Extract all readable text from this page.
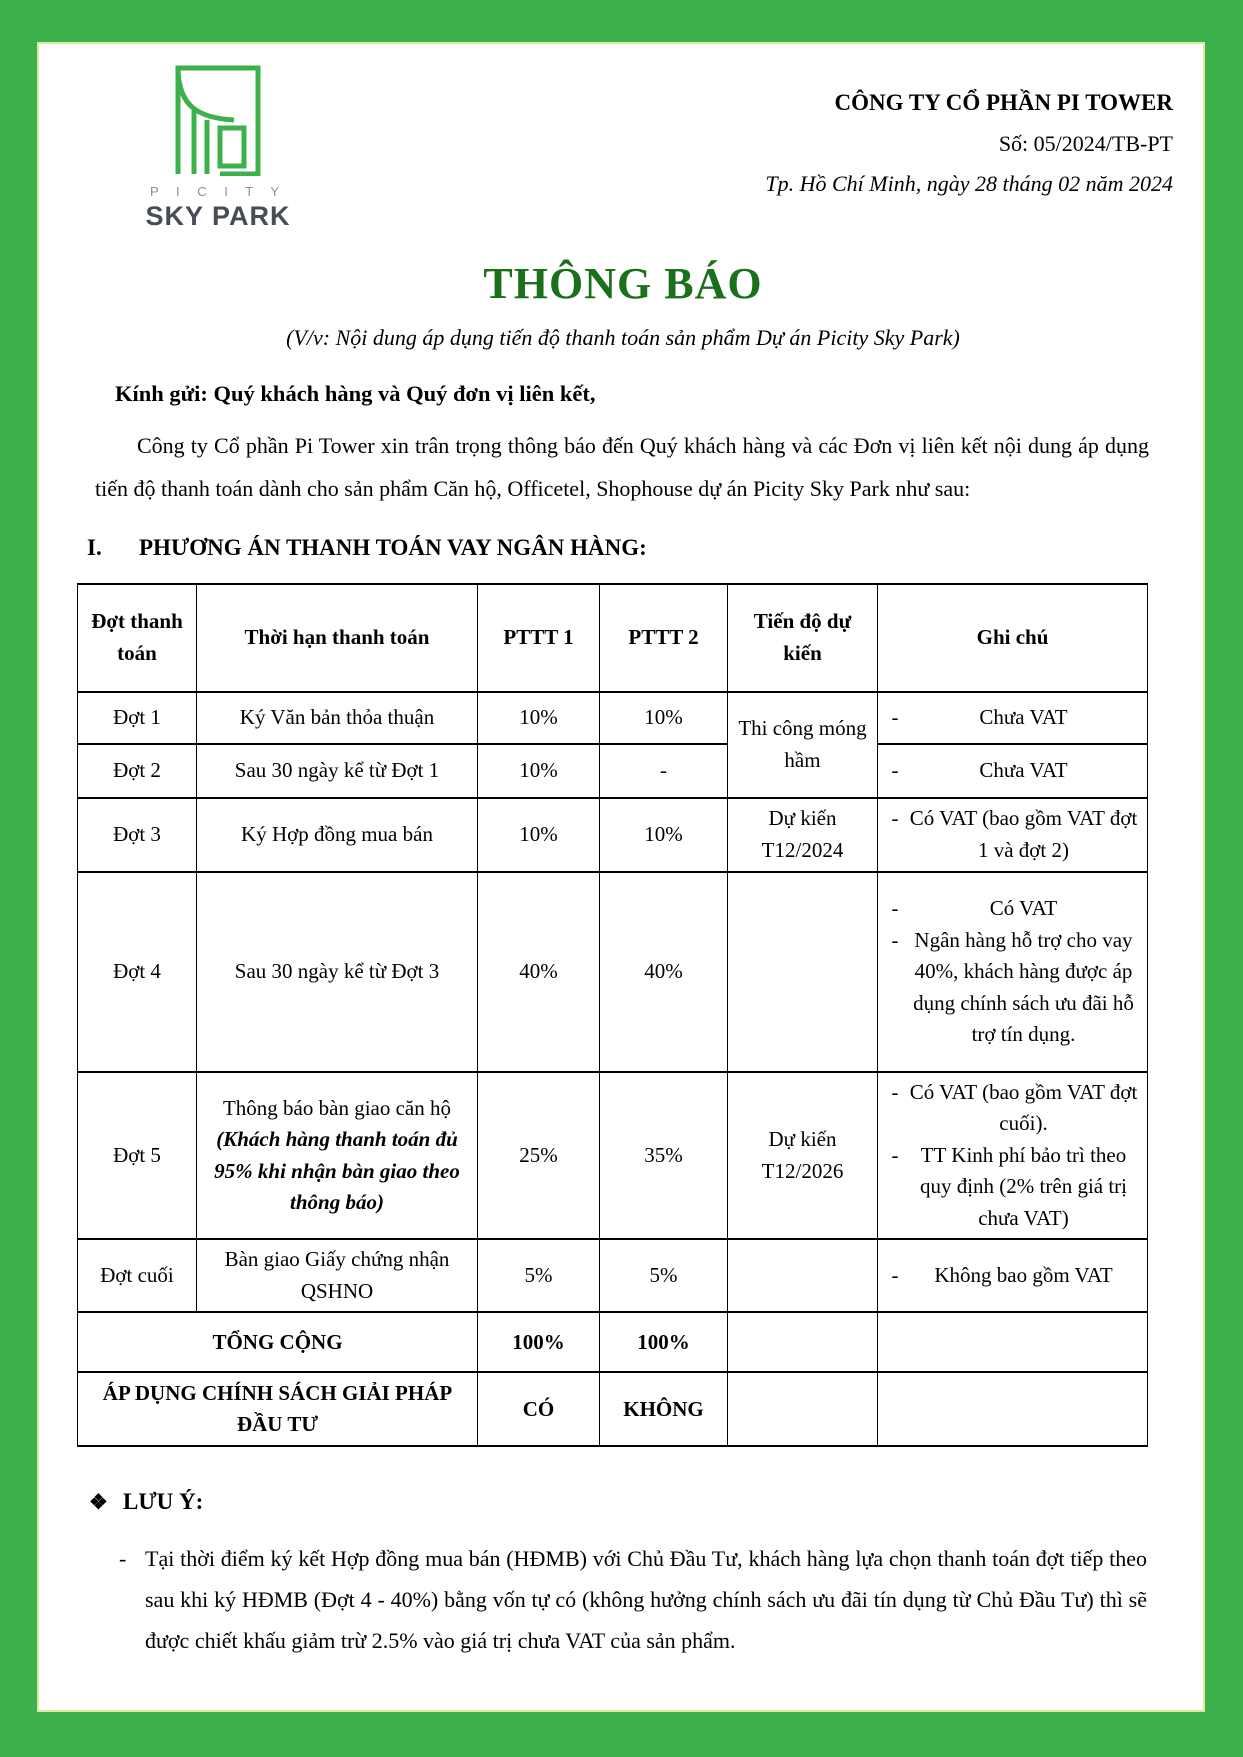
P I C I T Y
SKY PARK
CÔNG TY CỔ PHẦN PI TOWER
Số: 05/2024/TB-PT
Tp. Hồ Chí Minh, ngày 28 tháng 02 năm 2024
THÔNG BÁO
(V/v: Nội dung áp dụng tiến độ thanh toán sản phẩm Dự án Picity Sky Park)

Kính gửi: Quý khách hàng và Quý đơn vị liên kết,

Công ty Cổ phần Pi Tower xin trân trọng thông báo đến Quý khách hàng và các Đơn vị liên kết nội dung áp dụng tiến độ thanh toán dành cho sản phẩm Căn hộ, Officetel, Shophouse dự án Picity Sky Park như sau:

I. PHƯƠNG ÁN THANH TOÁN VAY NGÂN HÀNG:
Đợt thanh toán	Thời hạn thanh toán	PTTT 1	PTTT 2	Tiến độ dự kiến	Ghi chú
Đợt 1	Ký Văn bản thỏa thuận	10%	10%	Thi công móng hầm	- Chưa VAT

Đợt 2	Sau 30 ngày kể từ Đợt 1	10%	-		- Chưa VAT

Đợt 3	Ký Hợp đồng mua bán	10%	10%	Dự kiến T12/2024	- Có VAT (bao gồm VAT đợt 1 và đợt 2)

Đợt 4	Sau 30 ngày kể từ Đợt 3	40%	40%		- Có VAT
- Ngân hàng hỗ trợ cho vay 40%, khách hàng được áp dụng chính sách ưu đãi hỗ trợ tín dụng.

Đợt 5	Thông báo bàn giao căn hộ (Khách hàng thanh toán đủ 95% khi nhận bàn giao theo thông báo)	25%	35%	Dự kiến T12/2026	- Có VAT (bao gồm VAT đợt cuối).
- TT Kinh phí bảo trì theo quy định (2% trên giá trị chưa VAT)

Đợt cuối	Bàn giao Giấy chứng nhận QSHNO	5%	5%		- Không bao gồm VAT

TỔNG CỘNG		100%	100%		
ÁP DỤNG CHÍNH SÁCH GIẢI PHÁP ĐẦU TƯ		CÓ	KHÔNG		
❖ LƯU Ý:
- Tại thời điểm ký kết Hợp đồng mua bán (HĐMB) với Chủ Đầu Tư, khách hàng lựa chọn thanh toán đợt tiếp theo sau khi ký HĐMB (Đợt 4 - 40%) bằng vốn tự có (không hưởng chính sách ưu đãi tín dụng từ Chủ Đầu Tư) thì sẽ được chiết khấu giảm trừ 2.5% vào giá trị chưa VAT của sản phẩm.
